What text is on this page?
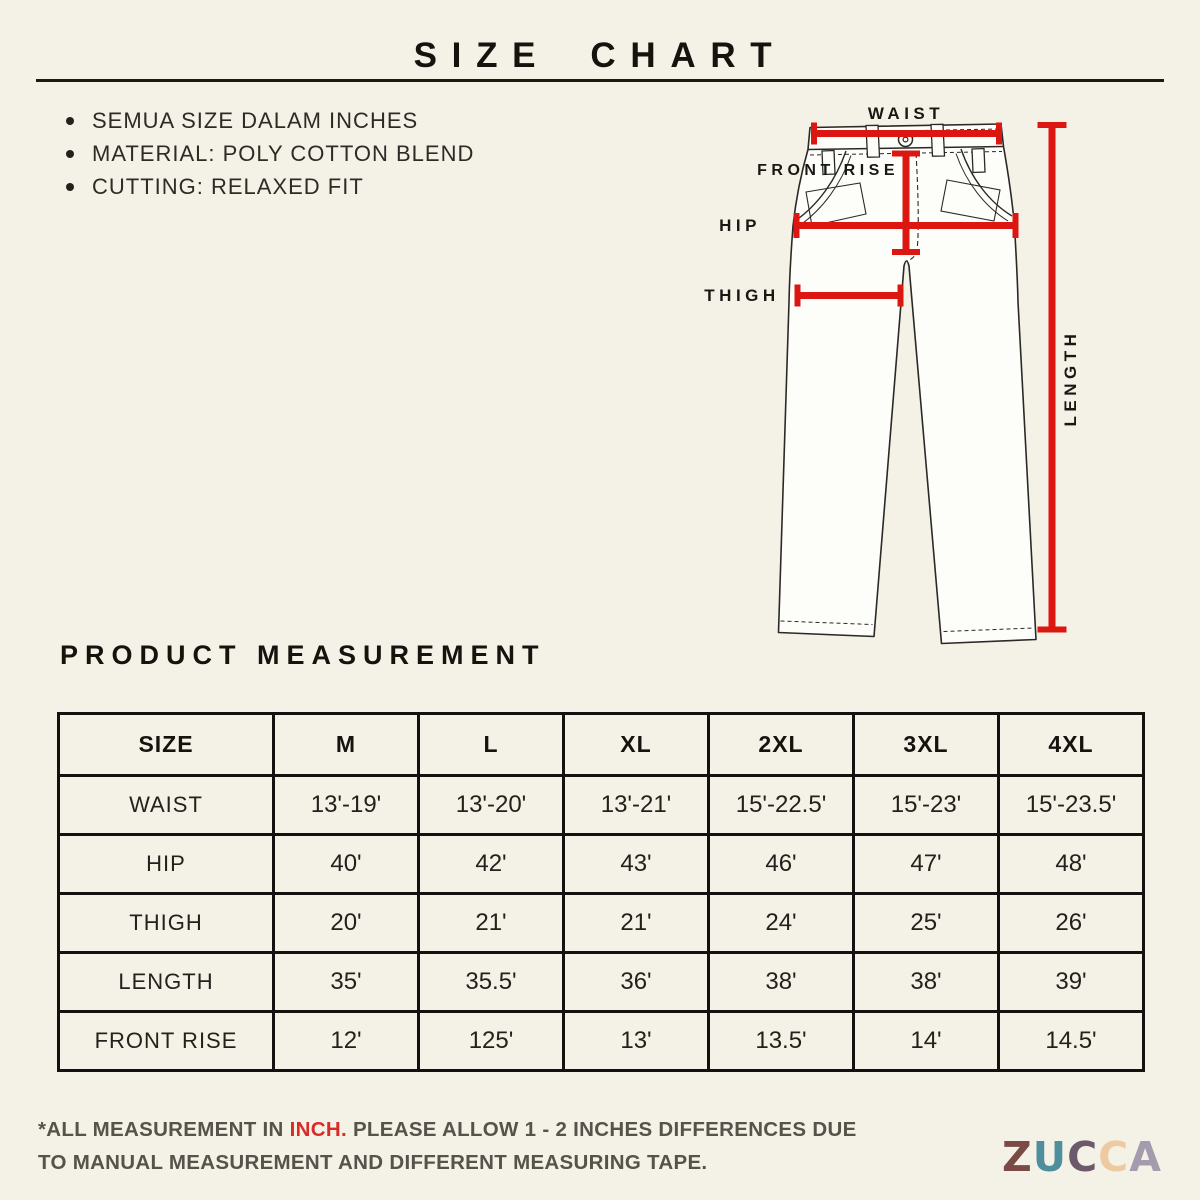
SIZE CHART
SEMUA SIZE DALAM INCHES
MATERIAL: POLY COTTON BLEND
CUTTING: RELAXED FIT
WAIST
FRONT RISE
HIP
THIGH
LENGTH
PRODUCT MEASUREMENT
SIZE	M	L	XL	2XL	3XL	4XL
WAIST	13'-19'	13'-20'	13'-21'	15'-22.5'	15'-23'	15'-23.5'
HIP	40'	42'	43'	46'	47'	48'
THIGH	20'	21'	21'	24'	25'	26'
LENGTH	35'	35.5'	36'	38'	38'	39'
FRONT RISE	12'	125'	13'	13.5'	14'	14.5'

*ALL MEASUREMENT IN INCH. PLEASE ALLOW 1 - 2 INCHES DIFFERENCES DUE TO MANUAL MEASUREMENT AND DIFFERENT MEASURING TAPE.	ZUCCA
